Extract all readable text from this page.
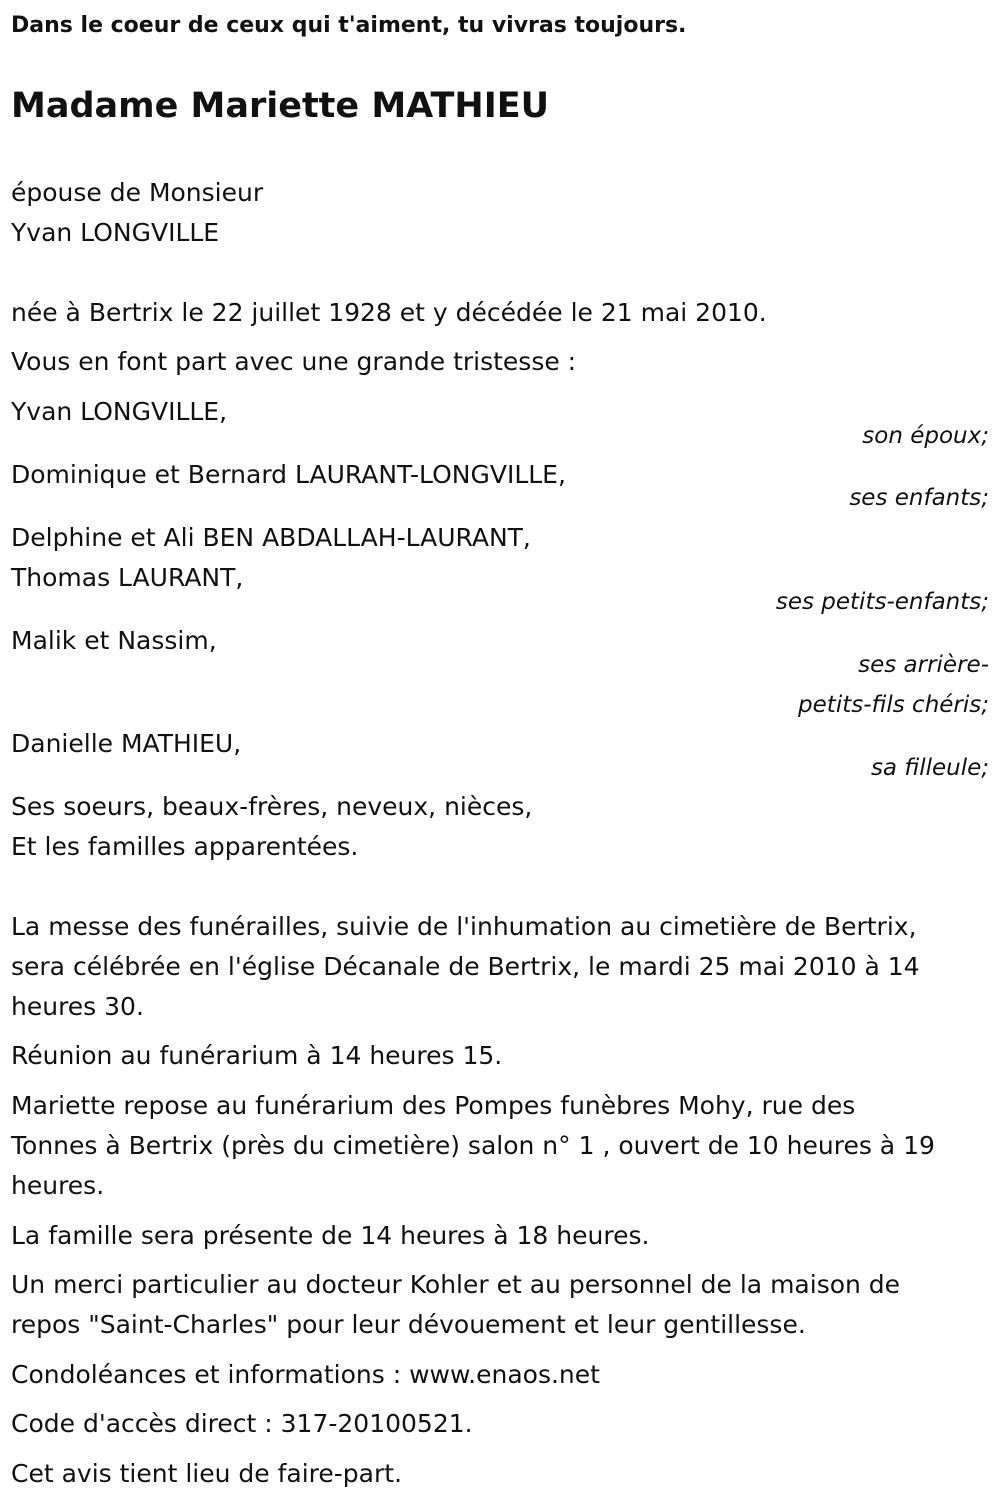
Dans le coeur de ceux qui t'aiment, tu vivras toujours.
Madame Mariette MATHIEU
épouse de Monsieur
Yvan LONGVILLE
née à Bertrix le 22 juillet 1928 et y décédée le 21 mai 2010.
Vous en font part avec une grande tristesse :
Yvan LONGVILLE,
son époux;
Dominique et Bernard LAURANT-LONGVILLE,
ses enfants;
Delphine et Ali BEN ABDALLAH-LAURANT,
Thomas LAURANT,
ses petits-enfants;
Malik et Nassim,
ses arrière-
petits-fils chéris;
Danielle MATHIEU,
sa filleule;
Ses soeurs, beaux-frères, neveux, nièces,
Et les familles apparentées.
La messe des funérailles, suivie de l'inhumation au cimetière de Bertrix,
sera célébrée en l'église Décanale de Bertrix, le mardi 25 mai 2010 à 14
heures 30.
Réunion au funérarium à 14 heures 15.
Mariette repose au funérarium des Pompes funèbres Mohy, rue des
Tonnes à Bertrix (près du cimetière) salon n° 1 , ouvert de 10 heures à 19
heures.
La famille sera présente de 14 heures à 18 heures.
Un merci particulier au docteur Kohler et au personnel de la maison de
repos "Saint-Charles" pour leur dévouement et leur gentillesse.
Condoléances et informations : www.enaos.net
Code d'accès direct : 317-20100521.
Cet avis tient lieu de faire-part.
